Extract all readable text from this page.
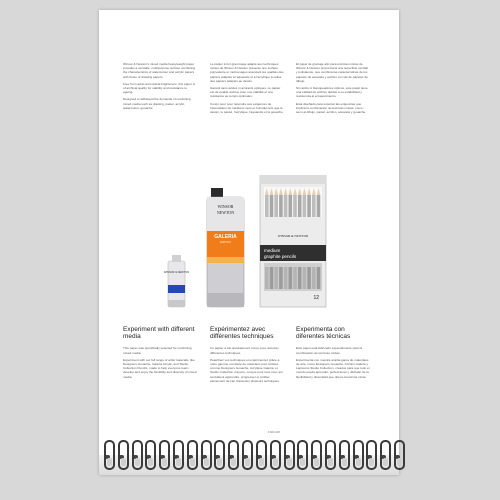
Winsor & Newton's mixed media heavyweight paper provides a versatile, multipurpose surface combining the characteristics of watercolour and acrylic papers with those of drawing papers.

Free from acids and optical brighteners, this paper is of archival quality for stability and resistance to ageing.

Designed to withstand the demands of combining mixed media such as drawing, pastel, acrylic, watercolour, gouache.

Le papier à fort grammage adapté aux techniques mixtes de Winsor & Newton présente une surface polyvalente et multi-usages associant les qualités des papiers adaptés à l'aquarelle et à l'acrylique à celles des papiers adaptés au dessin.

Garanti sans acides ni azurants optiques, ce papier est de qualité archive pour une stabilité et une résistance au temps optimales.

Conçu pour pour répondre aux exigences de l'association de médiums secs et humides tels que le dessin, le pastel, l'acrylique, l'aquarelle et la gouache.

El papel de gramaje alto para técnicas mixtas de Winsor & Newton proporciona una superficie versátil y polivalente, que combina las características de los papeles de acuarela y acrílico con las de papeles de dibujo.

Sin ácido ni blanqueadores ópticos, este papel tiene una calidad de archivo debido a su estabilidad y resistencia al envejecimiento.

Está diseñado para soportar las exigencias que implica la combinación de técnicas mixtas, como: seco al dibujo, pastel, acrílico, acuarela y gouache.

WINSOR & NEWTON
WINSOR
NEWTON
GALERIA
ACRYLIC
WINSOR & NEWTON
medium
graphite pencils
12
Experiment with different media

This paper was specifically selected for combining mixed media.

Experiment with our full range of artist materials, like Designers Gouache, Galeria Acrylic, and Studio Collection Pencils, made to help everyone learn, develop and enjoy the flexibility and diversity of mixed media.

Expérimentez avec différentes techniques

Ce papier a été spécialement conçu pour associer différentes techniques.

Peaufinez vos techniques et expérimentez grâce à notre gamme complète de matériaux pour artistes comme Designers Gouache, Acrylique Galeria, et Studio Collection crayons, conçus pour tous ceux qui souhaitent apprendre, progresser et profiter pleinement de l'art d'associer plusieurs techniques.

Experimenta con diferentes técnicas

Este papel está fabricado especialmente para la combinación de técnicas mixtas.

Experimenta con nuestra amplia gama de materiales de arte, como Designers Gouache, Acrílico Galeria y Lapiceros Studio Collection, creados para que todo el mundo pueda aprender, perfeccionar y disfrutar de la flexibilidad y diversidad que ofrece la técnica mixta.

F401418
